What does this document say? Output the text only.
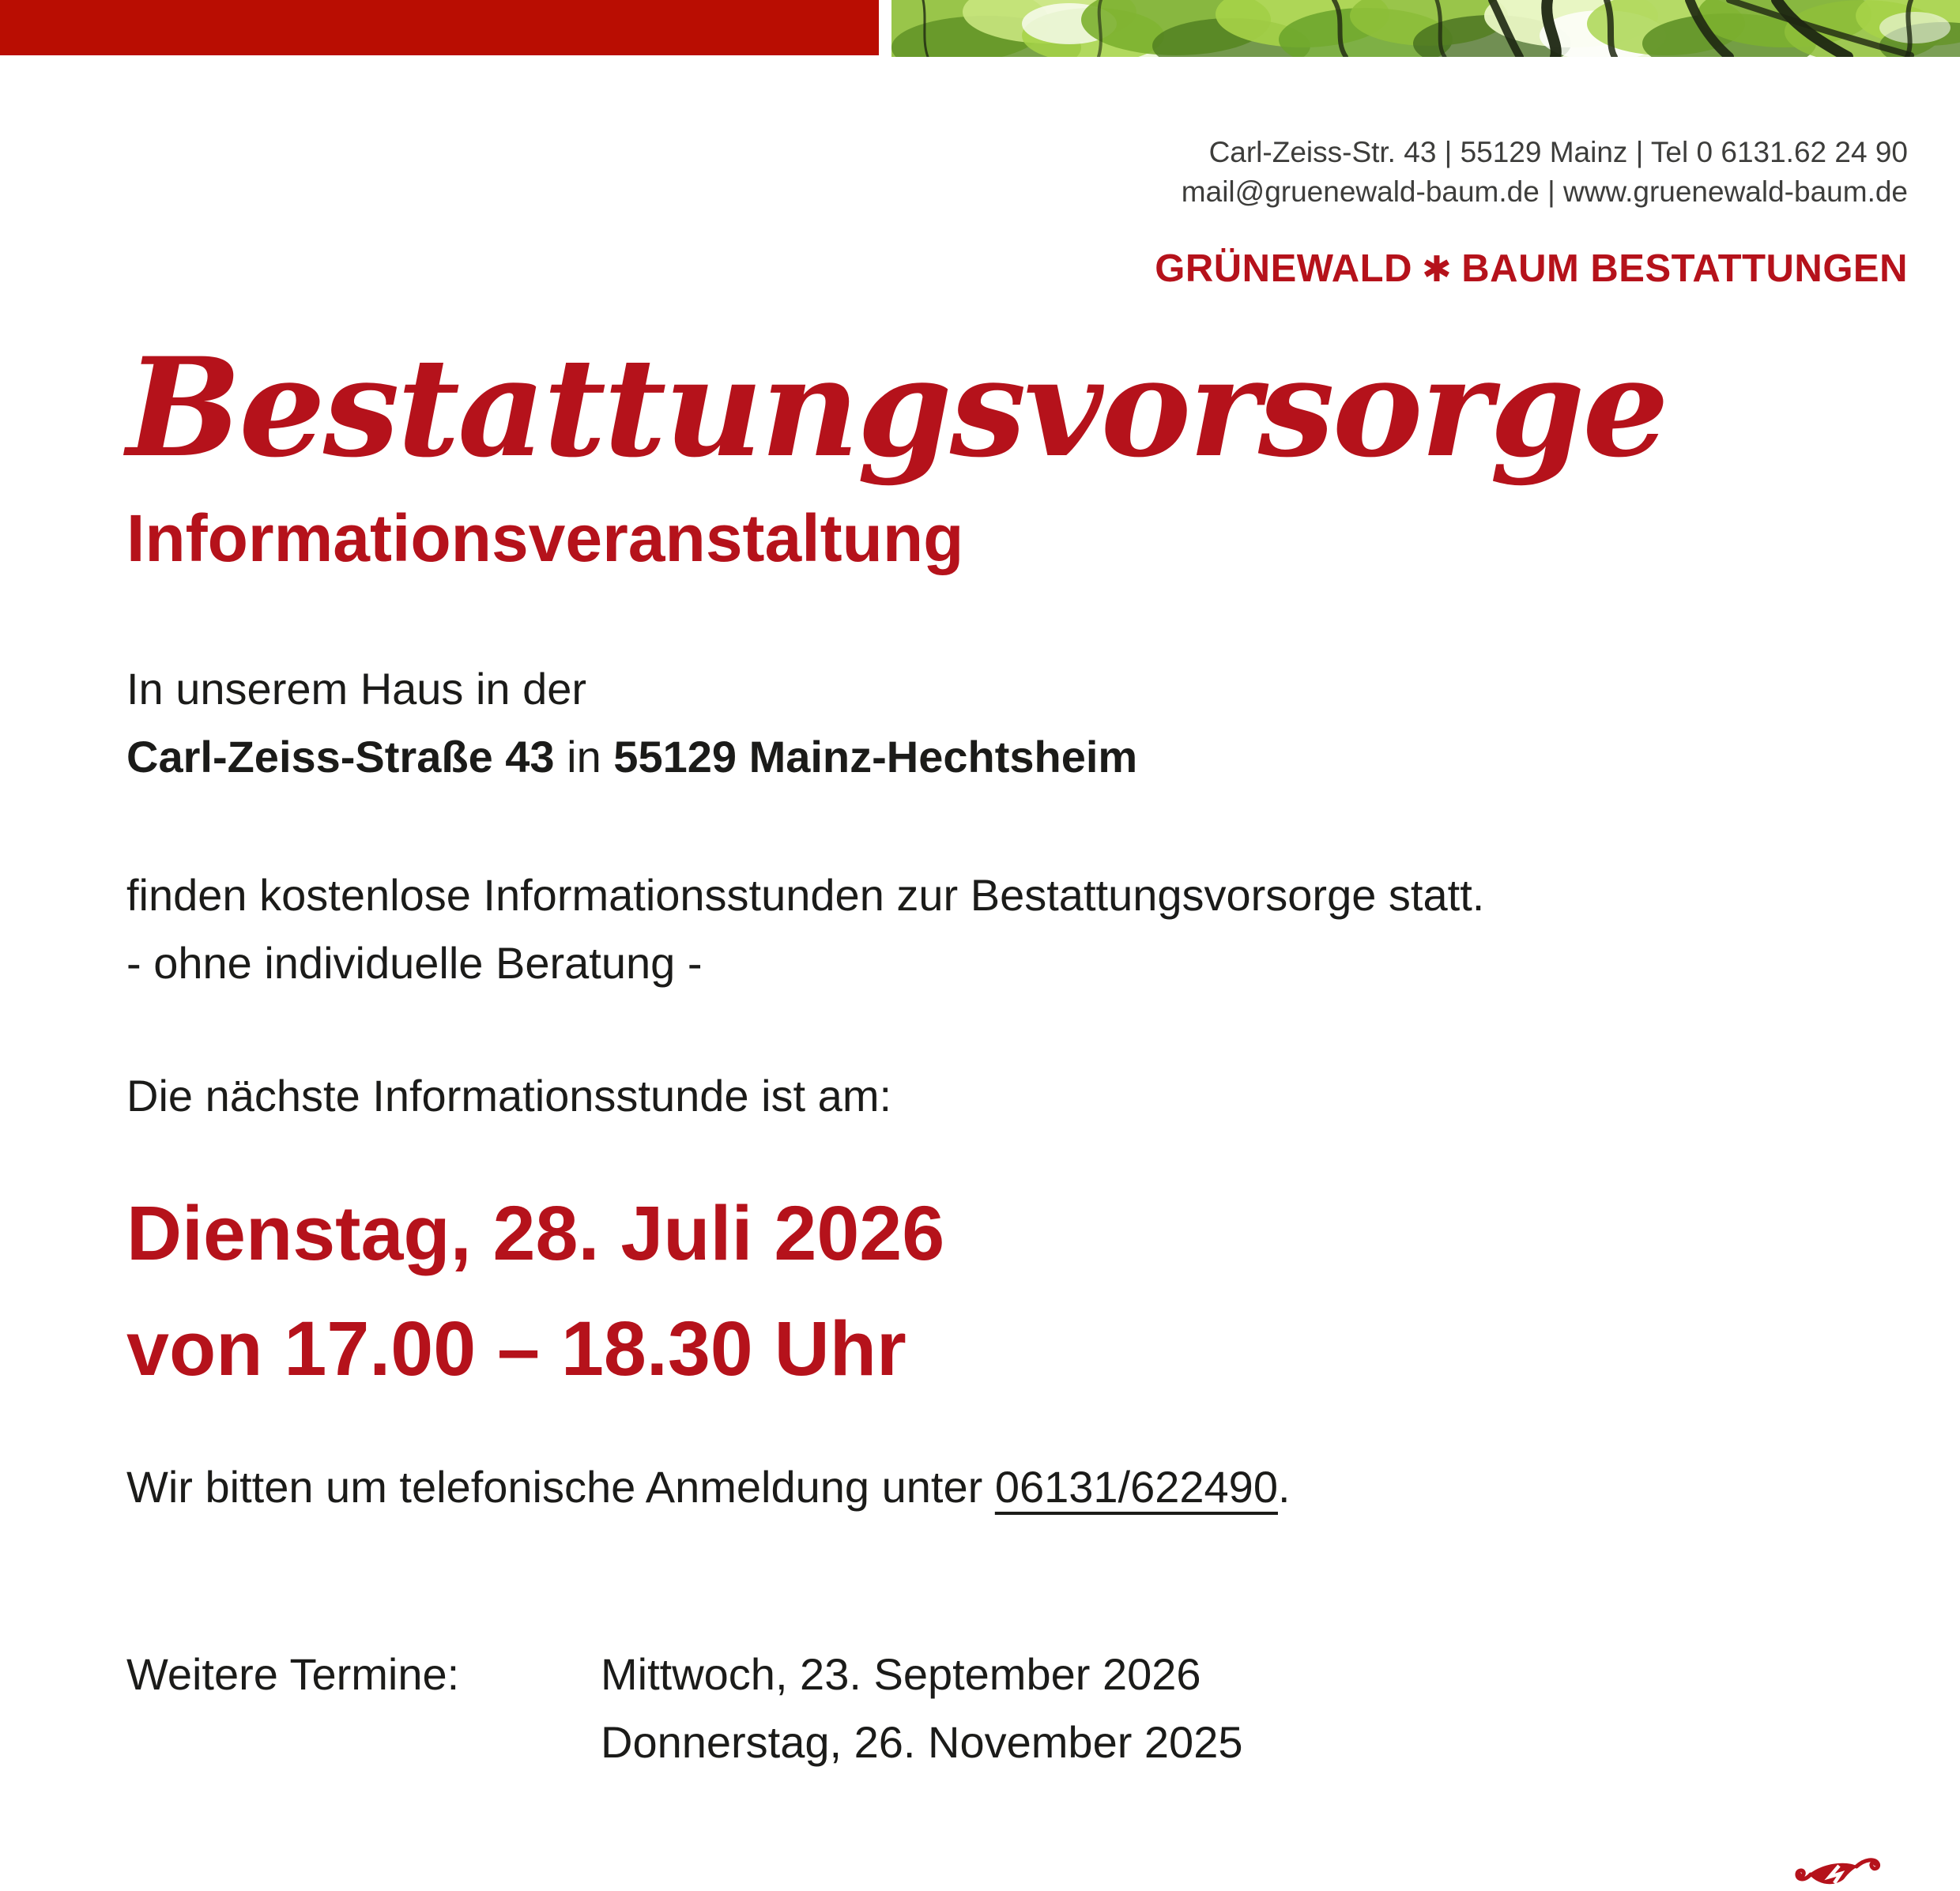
Carl-Zeiss-Str. 43 | 55129 Mainz | Tel 0 6131.62 24 90
mail@gruenewald-baum.de | www.gruenewald-baum.de
GRÜNEWALD ✱ BAUM BESTATTUNGEN
Bestattungsvorsorge
Informationsveranstaltung

In unserem Haus in der
Carl-Zeiss-Straße 43 in 55129 Mainz-Hechtsheim

finden kostenlose Informationsstunden zur Bestattungsvorsorge statt.
- ohne individuelle Beratung -

Die nächste Informationsstunde ist am:

Dienstag, 28. Juli 2026
von 17.00 – 18.30 Uhr

Wir bitten um telefonische Anmeldung unter 06131/622490.

Weitere Termine:	Mittwoch, 23. September 2026
Donnerstag, 26. November 2025
